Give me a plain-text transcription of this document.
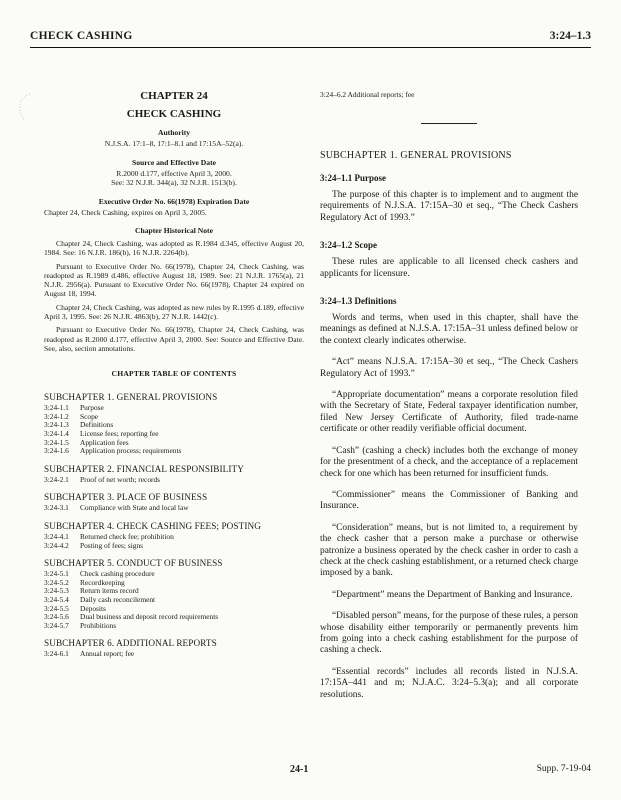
CHECK CASHING	3:24–1.3
CHAPTER 24
CHECK CASHING
Authority
N.J.S.A. 17:1–8, 17:1–8.1 and 17:15A–52(a).
Source and Effective Date
R.2000 d.177, effective April 3, 2000.
See: 32 N.J.R. 344(a), 32 N.J.R. 1513(b).
Executive Order No. 66(1978) Expiration Date
Chapter 24, Check Cashing, expires on April 3, 2005.
Chapter Historical Note

Chapter 24, Check Cashing, was adopted as R.1984 d.345, effective August 20, 1984. See: 16 N.J.R. 186(b), 16 N.J.R. 2264(b).

Pursuant to Executive Order No. 66(1978), Chapter 24, Check Cashing, was readopted as R.1989 d.486, effective August 18, 1989. See: 21 N.J.R. 1765(a), 21 N.J.R. 2956(a). Pursuant to Executive Order No. 66(1978), Chapter 24 expired on August 18, 1994.

Chapter 24, Check Cashing, was adopted as new rules by R.1995 d.189, effective April 3, 1995. See: 26 N.J.R. 4863(b), 27 N.J.R. 1442(c).

Pursuant to Executive Order No. 66(1978), Chapter 24, Check Cashing, was readopted as R.2000 d.177, effective April 3, 2000. See: Source and Effective Date. See, also, section annotations.

CHAPTER TABLE OF CONTENTS
SUBCHAPTER 1. GENERAL PROVISIONS
3:24-1.1	Purpose
3:24-1.2	Scope
3:24-1.3	Definitions
3:24-1.4	License fees; reporting fee
3:24-1.5	Application fees
3:24-1.6	Application process; requirements
SUBCHAPTER 2. FINANCIAL RESPONSIBILITY
3:24-2.1	Proof of net worth; records
SUBCHAPTER 3. PLACE OF BUSINESS
3:24-3.1	Compliance with State and local law
SUBCHAPTER 4. CHECK CASHING FEES; POSTING
3:24-4.1	Returned check fee; prohibition
3:24-4.2	Posting of fees; signs
SUBCHAPTER 5. CONDUCT OF BUSINESS
3:24-5.1	Check cashing procedure
3:24-5.2	Recordkeeping
3:24-5.3	Return items record
3:24-5.4	Daily cash reconcilement
3:24-5.5	Deposits
3:24-5.6	Dual business and deposit record requirements
3:24-5.7	Prohibitions
SUBCHAPTER 6. ADDITIONAL REPORTS
3:24-6.1	Annual report; fee
3:24–6.2 Additional reports; fee
SUBCHAPTER 1. GENERAL PROVISIONS
3:24–1.1 Purpose

The purpose of this chapter is to implement and to augment the requirements of N.J.S.A. 17:15A–30 et seq., “The Check Cashers Regulatory Act of 1993.”

3:24–1.2 Scope

These rules are applicable to all licensed check cashers and applicants for licensure.

3:24–1.3 Definitions

Words and terms, when used in this chapter, shall have the meanings as defined at N.J.S.A. 17:15A–31 unless defined below or the context clearly indicates otherwise.

“Act” means N.J.S.A. 17:15A–30 et seq., “The Check Cashers Regulatory Act of 1993.”

“Appropriate documentation” means a corporate resolution filed with the Secretary of State, Federal taxpayer identification number, filed New Jersey Certificate of Authority, filed trade-name certificate or other readily verifiable official document.

“Cash” (cashing a check) includes both the exchange of money for the presentment of a check, and the acceptance of a replacement check for one which has been returned for insufficient funds.

“Commissioner” means the Commissioner of Banking and Insurance.

“Consideration” means, but is not limited to, a requirement by the check casher that a person make a purchase or otherwise patronize a business operated by the check casher in order to cash a check at the check cashing establishment, or a returned check charge imposed by a bank.

“Department” means the Department of Banking and Insurance.

“Disabled person” means, for the purpose of these rules, a person whose disability either temporarily or permanently prevents him from going into a check cashing establishment for the purpose of cashing a check.

“Essential records” includes all records listed in N.J.S.A. 17:15A–441 and m; N.J.A.C. 3:24–5.3(a); and all corporate resolutions.

24-1	Supp. 7-19-04
